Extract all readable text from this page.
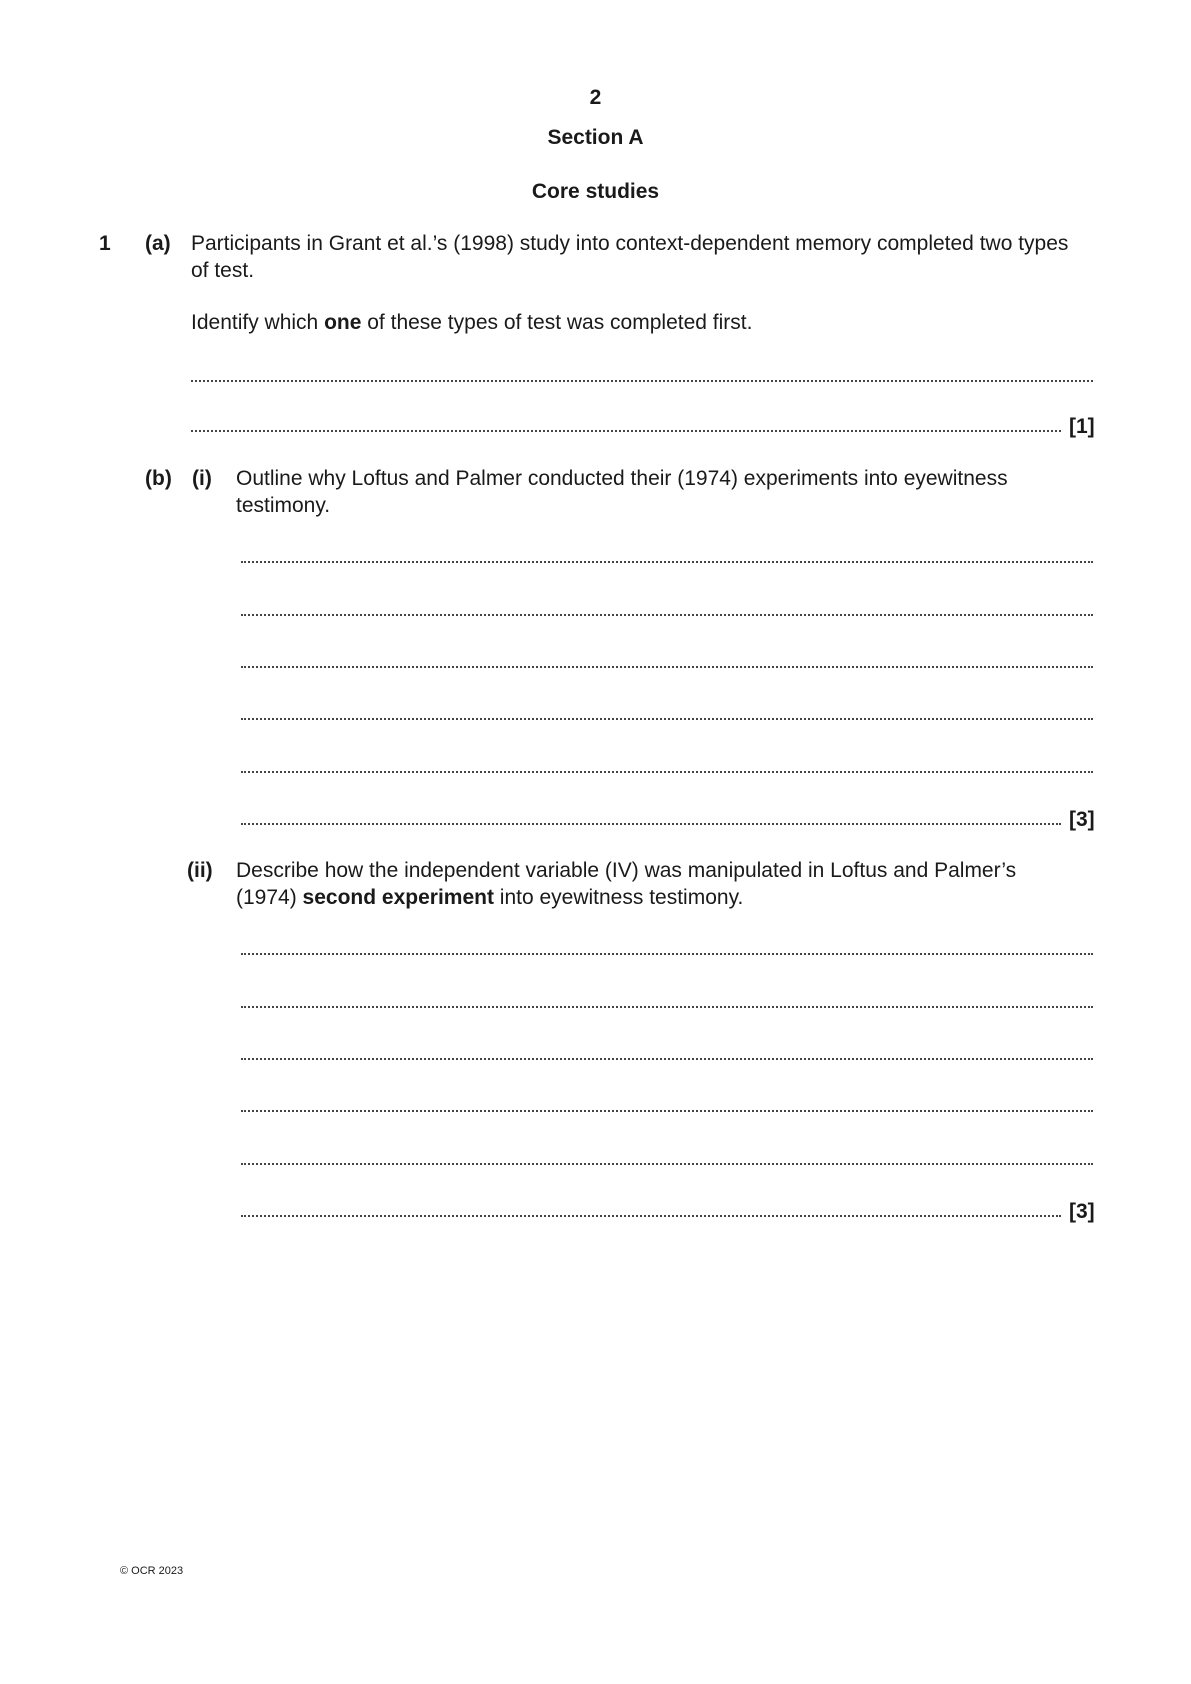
2
Section A
Core studies
1 (a) Participants in Grant et al.’s (1998) study into context-dependent memory completed two types of test.
Identify which one of these types of test was completed first.
[1]
(b) (i) Outline why Loftus and Palmer conducted their (1974) experiments into eyewitness testimony.
[3]
(ii) Describe how the independent variable (IV) was manipulated in Loftus and Palmer’s (1974) second experiment into eyewitness testimony.
[3]
© OCR 2023
